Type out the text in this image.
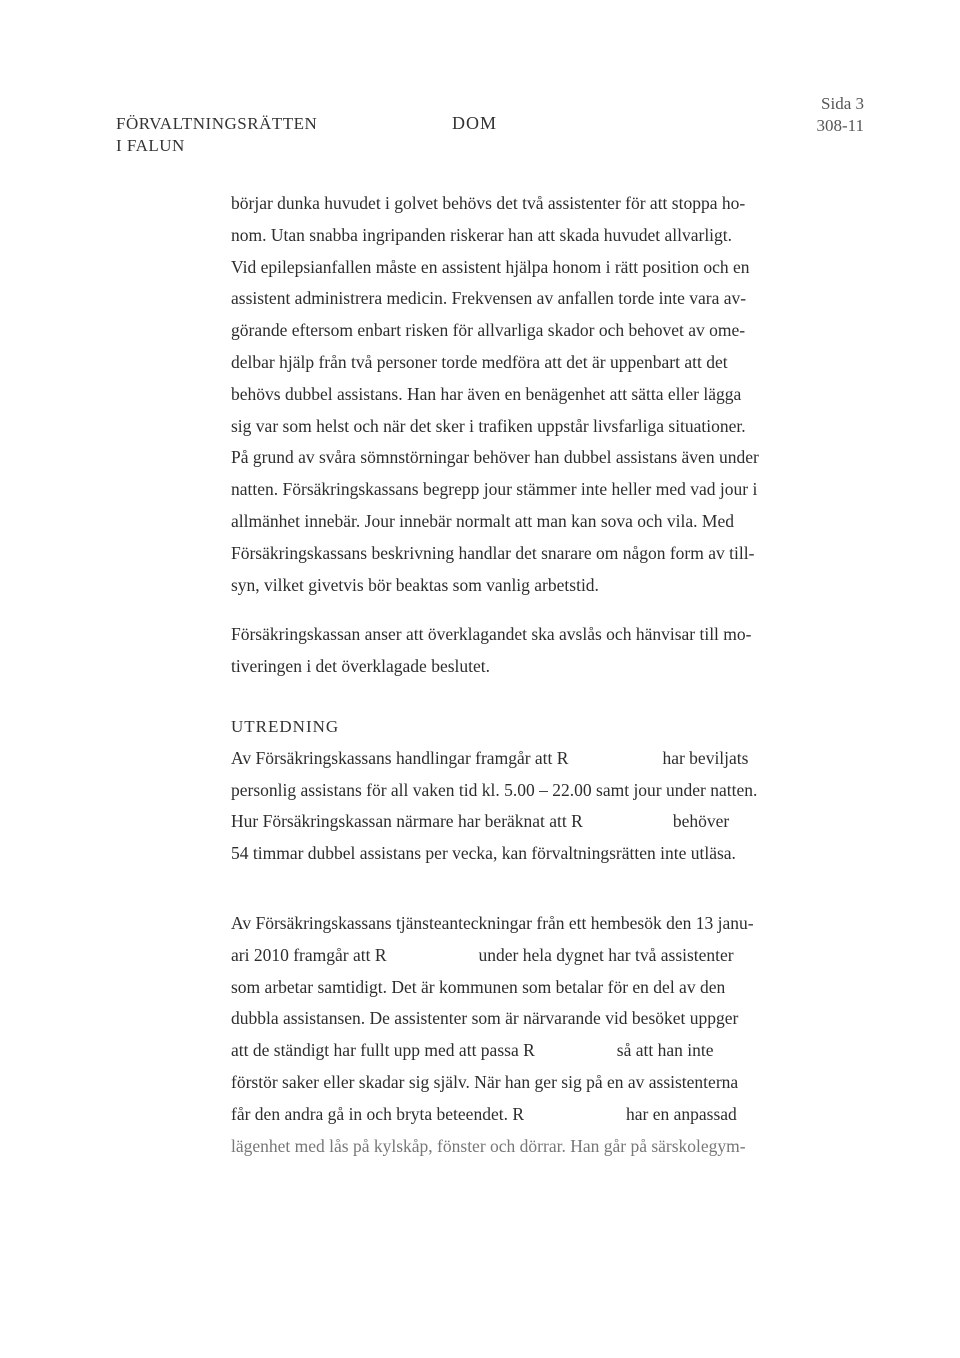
FÖRVALTNINGSRÄTTEN
I FALUN
DOM
Sida 3
308-11
börjar dunka huvudet i golvet behövs det två assistenter för att stoppa ho-
nom. Utan snabba ingripanden riskerar han att skada huvudet allvarligt.
Vid epilepsianfallen måste en assistent hjälpa honom i rätt position och en
assistent administrera medicin. Frekvensen av anfallen torde inte vara av-
görande eftersom enbart risken för allvarliga skador och behovet av ome-
delbar hjälp från två personer torde medföra att det är uppenbart att det
behövs dubbel assistans. Han har även en benägenhet att sätta eller lägga
sig var som helst och när det sker i trafiken uppstår livsfarliga situationer.
På grund av svåra sömnstörningar behöver han dubbel assistans även under
natten. Försäkringskassans begrepp jour stämmer inte heller med vad jour i
allmänhet innebär. Jour innebär normalt att man kan sova och vila. Med
Försäkringskassans beskrivning handlar det snarare om någon form av till-
syn, vilket givetvis bör beaktas som vanlig arbetstid.
Försäkringskassan anser att överklagandet ska avslås och hänvisar till mo-
tiveringen i det överklagade beslutet.
UTREDNING
Av Försäkringskassans handlingar framgår att R	har beviljats
personlig assistans för all vaken tid kl. 5.00 – 22.00 samt jour under natten.
Hur Försäkringskassan närmare har beräknat att R	behöver
54 timmar dubbel assistans per vecka, kan förvaltningsrätten inte utläsa.
Av Försäkringskassans tjänsteanteckningar från ett hembesök den 13 janu-
ari 2010 framgår att R	under hela dygnet har två assistenter
som arbetar samtidigt. Det är kommunen som betalar för en del av den
dubbla assistansen. De assistenter som är närvarande vid besöket uppger
att de ständigt har fullt upp med att passa R	så att han inte
förstör saker eller skadar sig själv. När han ger sig på en av assistenterna
får den andra gå in och bryta beteendet. R	har en anpassad
lägenhet med lås på kylskåp, fönster och dörrar. Han går på särskolegym-
